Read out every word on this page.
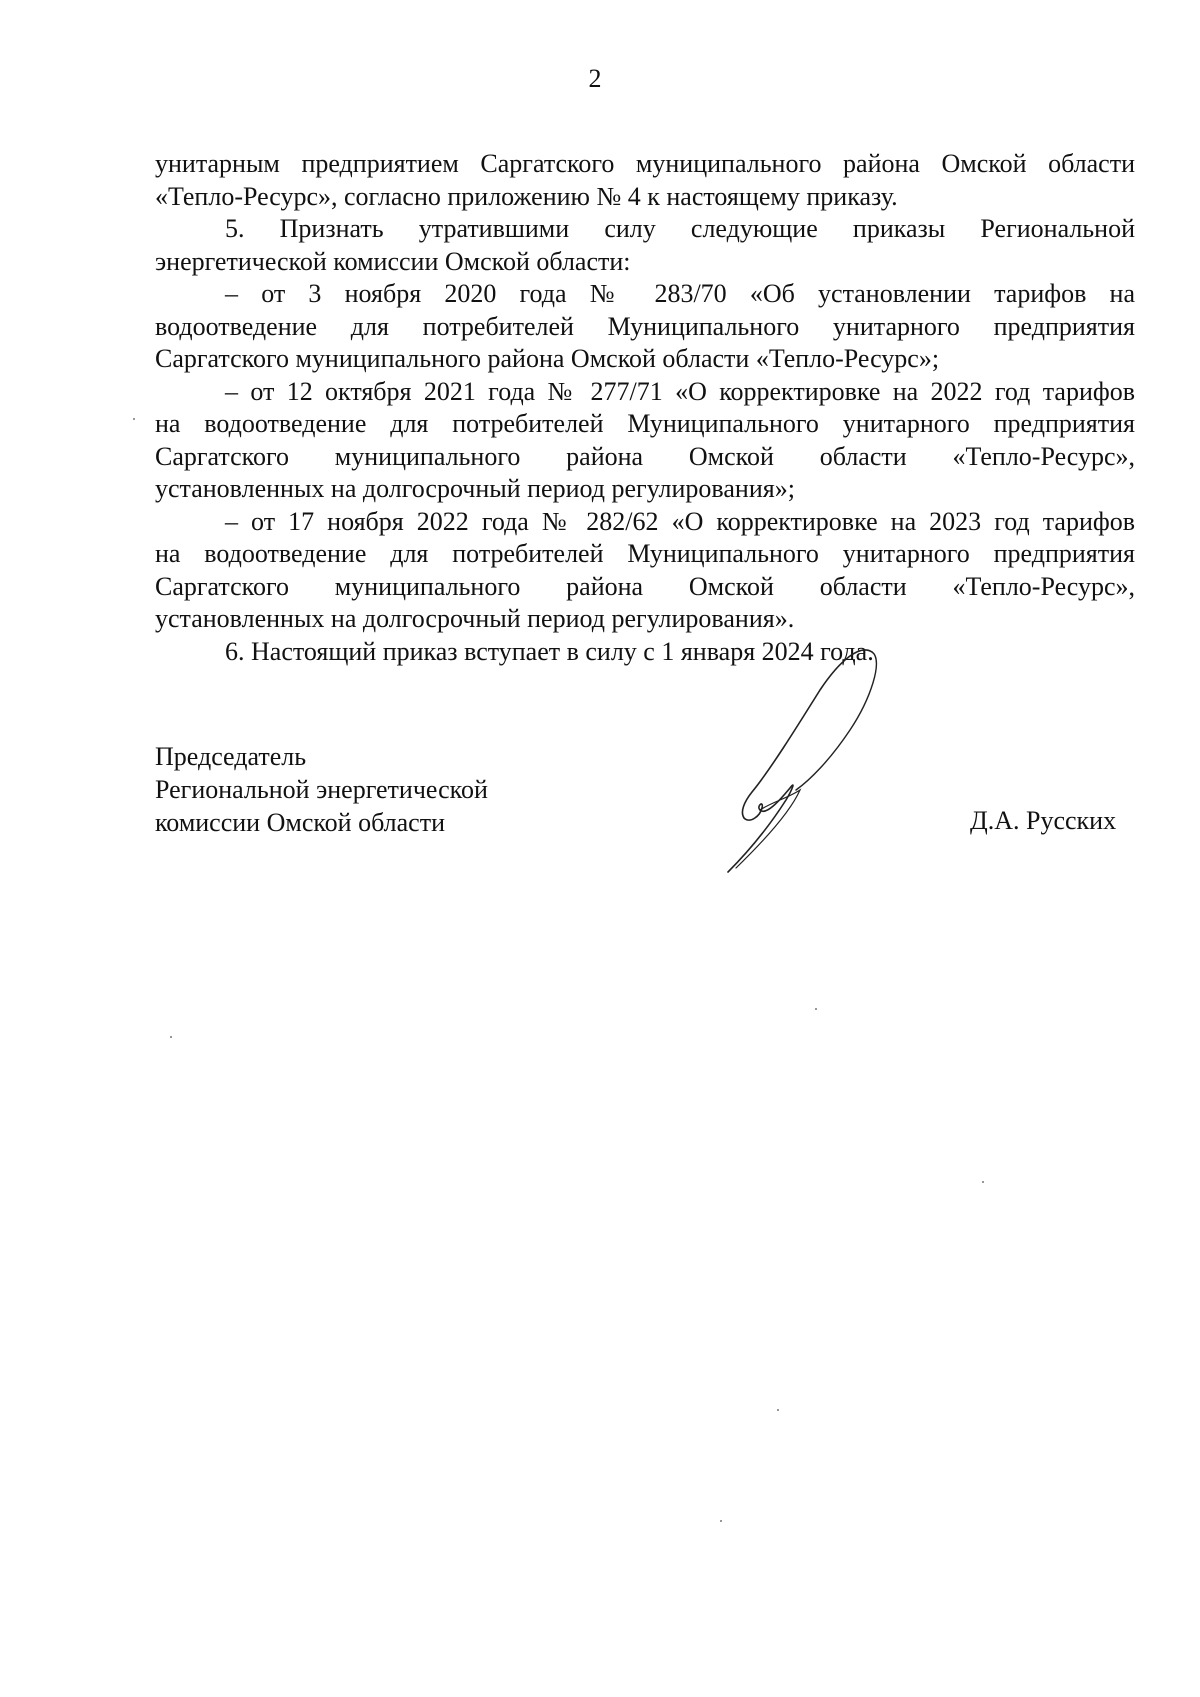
2

унитарным предприятием Саргатского муниципального района Омской области

«Тепло-Ресурс», согласно приложению № 4 к настоящему приказу.

5. Признать утратившими силу следующие приказы Региональной

энергетической комиссии Омской области:

– от 3 ноября 2020 года № 283/70 «Об установлении тарифов на

водоотведение для потребителей Муниципального унитарного предприятия

Саргатского муниципального района Омской области «Тепло-Ресурс»;

– от 12 октября 2021 года № 277/71 «О корректировке на 2022 год тарифов

на водоотведение для потребителей Муниципального унитарного предприятия

Саргатского муниципального района Омской области «Тепло-Ресурс»,

установленных на долгосрочный период регулирования»;

– от 17 ноября 2022 года № 282/62 «О корректировке на 2023 год тарифов

на водоотведение для потребителей Муниципального унитарного предприятия

Саргатского муниципального района Омской области «Тепло-Ресурс»,

установленных на долгосрочный период регулирования».

6. Настоящий приказ вступает в силу с 1 января 2024 года.

Председатель
Региональной энергетической
комиссии Омской области	Д.А. Русских
